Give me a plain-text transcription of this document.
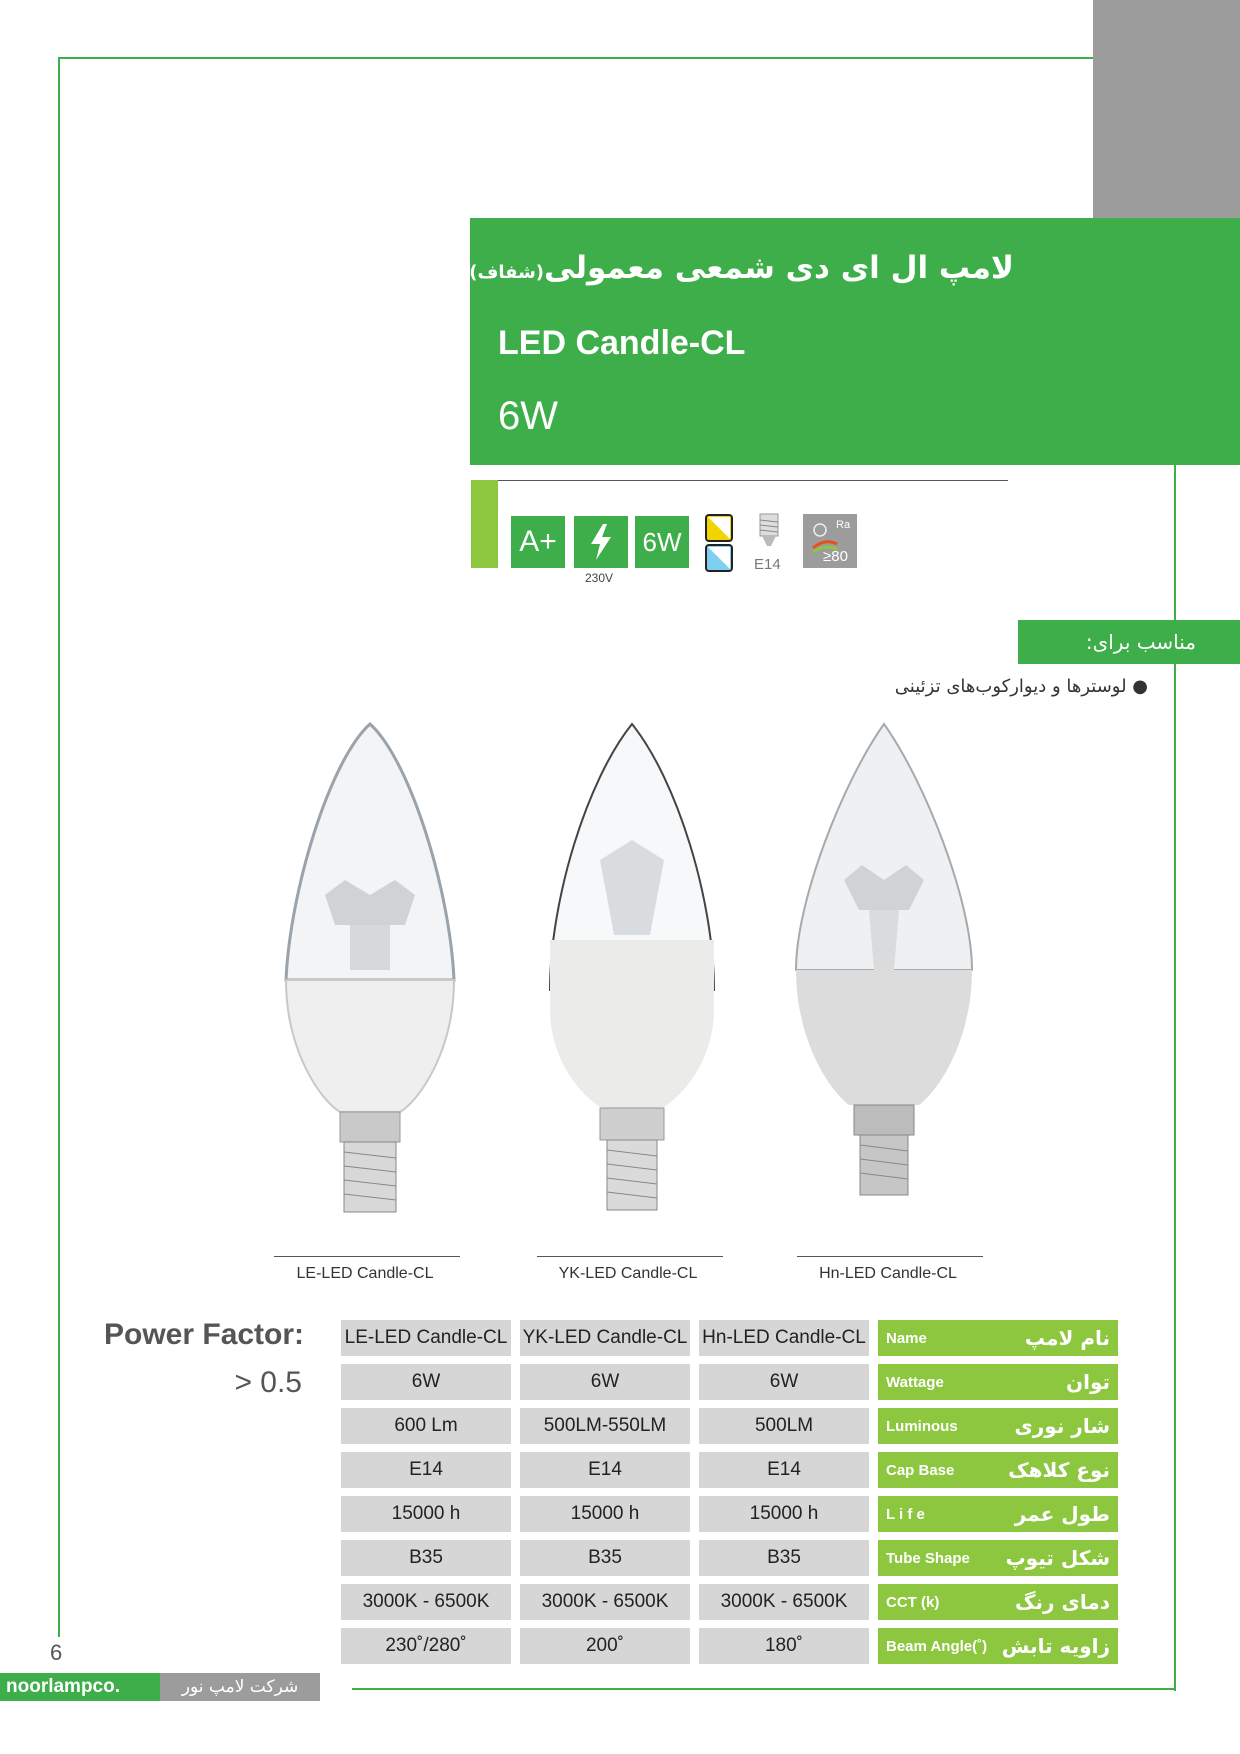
لامپ ال ای دی شمعی معمولی(شفاف)
LED Candle-CL
6W
A+
230V
6W
E14
Ra
≥80
مناسب برای:
● لوسترها و دیوارکوب‌های تزئینی
LE-LED Candle-CL	YK-LED Candle-CL	Hn-LED Candle-CL
Power Factor:
> 0.5
LE-LED Candle-CL	YK-LED Candle-CL	Hn-LED Candle-CL	Name نام لامپ

6W	6W	6W	Wattage توان

600 Lm	500LM-550LM	500LM	Luminous شار نوری

E14	E14	E14	Cap Base نوع کلاهک

15000 h	15000 h	15000 h	L i f e طول عمر

B35	B35	B35	Tube Shape شکل تیوپ

3000K - 6500K	3000K - 6500K	3000K - 6500K	CCT (k) دمای رنگ

230˚/280˚	200˚	180˚	Beam Angle(˚) زاویه تابش
6
noorlampco.	شرکت لامپ نور
